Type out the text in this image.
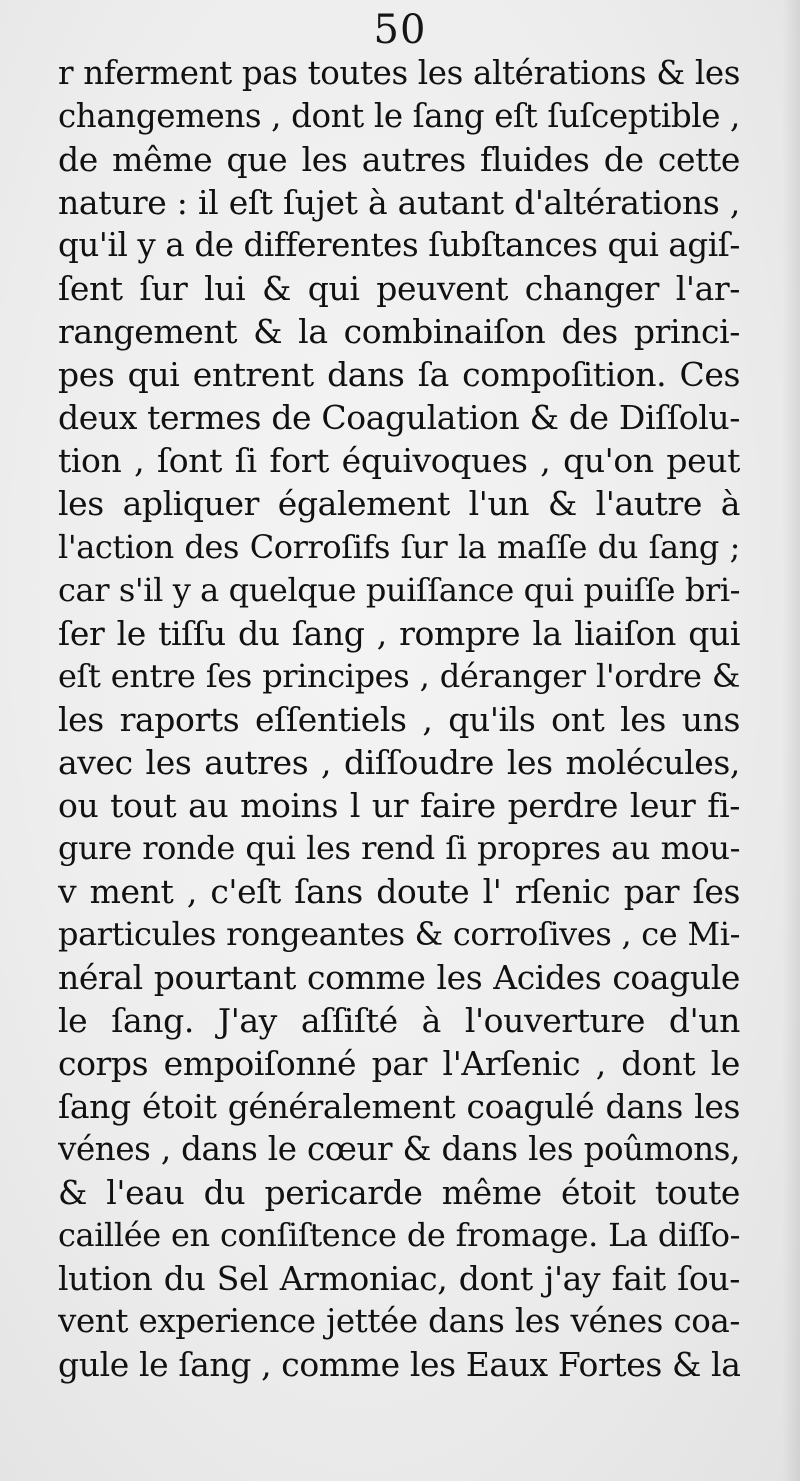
50
r nferment pas toutes les altérations & les
changemens , dont le ſang eſt ſuſceptible ,
de même que les autres fluides de cette
nature : il eſt ſujet à autant d'altérations ,
qu'il y a de differentes ſubſtances qui agiſ-
ſent ſur lui & qui peuvent changer l'ar-
rangement & la combinaiſon des princi-
pes qui entrent dans ſa compoſition. Ces
deux termes de Coagulation & de Diſſolu-
tion , ſont ſi fort équivoques , qu'on peut
les apliquer également l'un & l'autre à
l'action des Corroſifs ſur la maſſe du ſang ;
car s'il y a quelque puiſſance qui puiſſe bri-
ſer le tiſſu du ſang , rompre la liaiſon qui
eſt entre ſes principes , déranger l'ordre &
les raports eſſentiels , qu'ils ont les uns
avec les autres , diſſoudre les molécules,
ou tout au moins l ur faire perdre leur fi-
gure ronde qui les rend ſi propres au mou-
v ment , c'eſt ſans doute l' rſenic par ſes
particules rongeantes & corroſives , ce Mi-
néral pourtant comme les Acides coagule
le ſang. J'ay aſſiſté à l'ouverture d'un
corps empoiſonné par l'Arſenic , dont le
ſang étoit généralement coagulé dans les
vénes , dans le cœur & dans les poûmons,
& l'eau du pericarde même étoit toute
caillée en conſiſtence de fromage. La diſſo-
lution du Sel Armoniac, dont j'ay fait ſou-
vent experience jettée dans les vénes coa-
gule le ſang , comme les Eaux Fortes & la
